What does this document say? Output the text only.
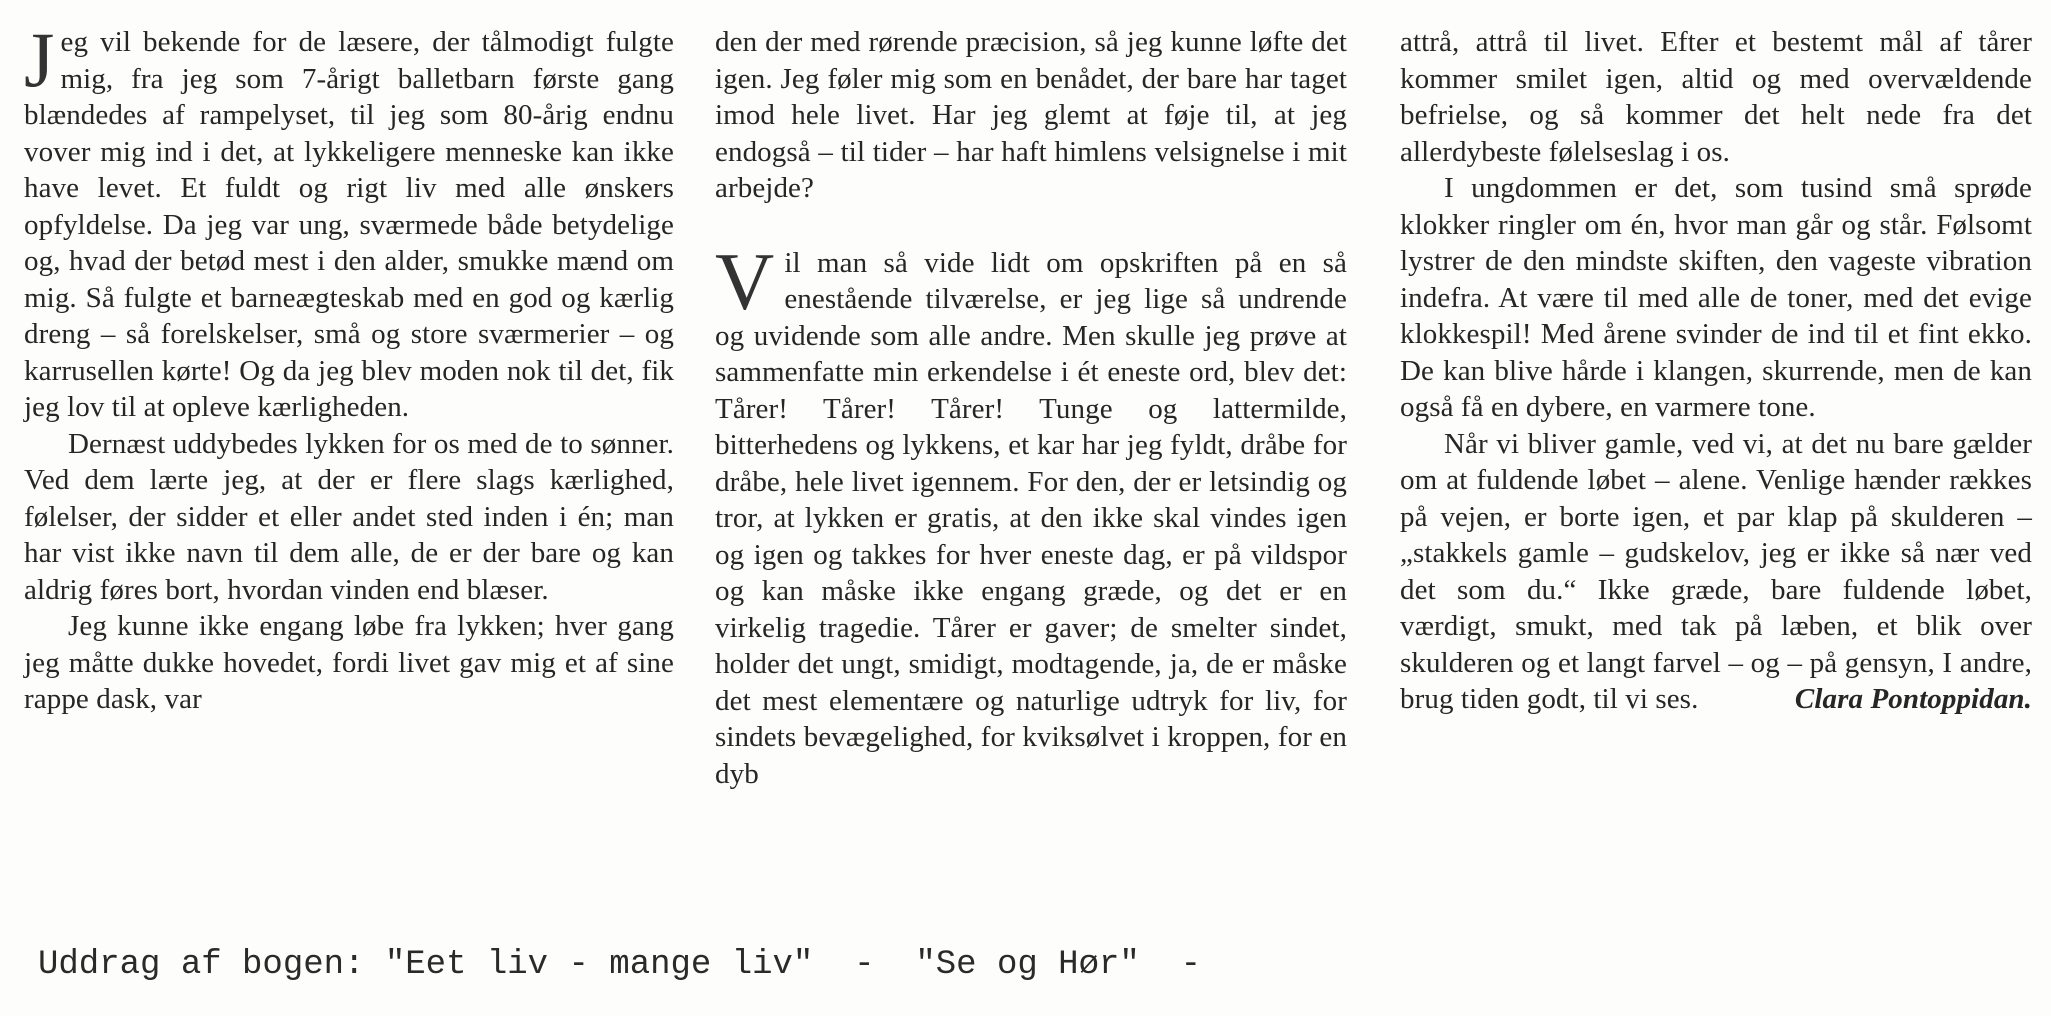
Jeg vil bekende for de læsere, der tålmodigt fulgte mig, fra jeg som 7-årigt balletbarn første gang blændedes af rampelyset, til jeg som 80-årig endnu vover mig ind i det, at lykkeligere menneske kan ikke have levet. Et fuldt og rigt liv med alle ønskers opfyldelse. Da jeg var ung, sværmede både betydelige og, hvad der betød mest i den alder, smukke mænd om mig. Så fulgte et barneægteskab med en god og kærlig dreng – så forelskelser, små og store sværmerier – og karrusellen kørte! Og da jeg blev moden nok til det, fik jeg lov til at opleve kærligheden.

Dernæst uddybedes lykken for os med de to sønner. Ved dem lærte jeg, at der er flere slags kærlighed, følelser, der sidder et eller andet sted inden i én; man har vist ikke navn til dem alle, de er der bare og kan aldrig føres bort, hvordan vinden end blæser.

Jeg kunne ikke engang løbe fra lykken; hver gang jeg måtte dukke hovedet, fordi livet gav mig et af sine rappe dask, var

den der med rørende præcision, så jeg kunne løfte det igen. Jeg føler mig som en benådet, der bare har taget imod hele livet. Har jeg glemt at føje til, at jeg endogså – til tider – har haft himlens velsignelse i mit arbejde?

Vil man så vide lidt om opskriften på en så enestående tilværelse, er jeg lige så undrende og uvidende som alle andre. Men skulle jeg prøve at sammenfatte min erkendelse i ét eneste ord, blev det: Tårer! Tårer! Tårer! Tunge og lattermilde, bitterhedens og lykkens, et kar har jeg fyldt, dråbe for dråbe, hele livet igennem. For den, der er letsindig og tror, at lykken er gratis, at den ikke skal vindes igen og igen og takkes for hver eneste dag, er på vildspor og kan måske ikke engang græde, og det er en virkelig tragedie. Tårer er gaver; de smelter sindet, holder det ungt, smidigt, modtagende, ja, de er måske det mest elementære og naturlige udtryk for liv, for sindets bevægelighed, for kviksølvet i kroppen, for en dyb

attrå, attrå til livet. Efter et bestemt mål af tårer kommer smilet igen, altid og med overvældende befrielse, og så kommer det helt nede fra det allerdybeste følelseslag i os.

I ungdommen er det, som tusind små sprøde klokker ringler om én, hvor man går og står. Følsomt lystrer de den mindste skiften, den vageste vibration indefra. At være til med alle de toner, med det evige klokkespil! Med årene svinder de ind til et fint ekko. De kan blive hårde i klangen, skurrende, men de kan også få en dybere, en varmere tone.

Når vi bliver gamle, ved vi, at det nu bare gælder om at fuldende løbet – alene. Venlige hænder rækkes på vejen, er borte igen, et par klap på skulderen – „stakkels gamle – gudskelov, jeg er ikke så nær ved det som du.“ Ikke græde, bare fuldende løbet, værdigt, smukt, med tak på læben, et blik over skulderen og et langt farvel – og – på gensyn, I andre, brug tiden godt, til vi ses.	Clara Pontoppidan.

Uddrag af bogen: "Eet liv - mange liv"  -  "Se og Hør"  -
